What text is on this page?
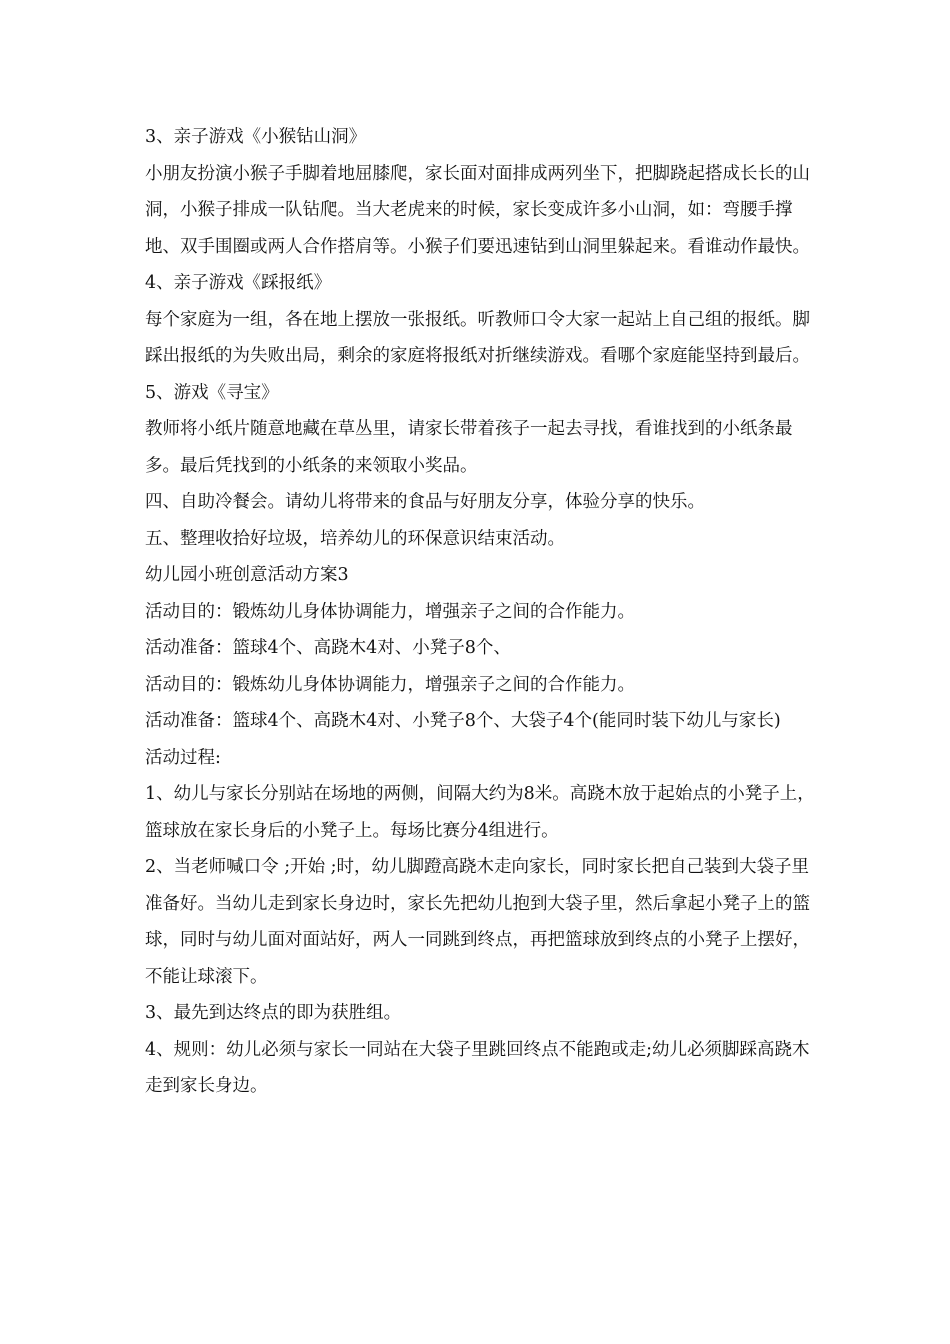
3、亲子游戏《小猴钻山洞》

小朋友扮演小猴子手脚着地屈膝爬，家长面对面排成两列坐下，把脚跷起搭成长长的山洞，小猴子排成一队钻爬。当大老虎来的时候，家长变成许多小山洞，如：弯腰手撑地、双手围圈或两人合作搭肩等。小猴子们要迅速钻到山洞里躲起来。看谁动作最快。

4、亲子游戏《踩报纸》

每个家庭为一组，各在地上摆放一张报纸。听教师口令大家一起站上自己组的报纸。脚踩出报纸的为失败出局，剩余的家庭将报纸对折继续游戏。看哪个家庭能坚持到最后。

5、游戏《寻宝》

教师将小纸片随意地藏在草丛里，请家长带着孩子一起去寻找，看谁找到的小纸条最多。最后凭找到的小纸条的来领取小奖品。

四、自助冷餐会。请幼儿将带来的食品与好朋友分享，体验分享的快乐。

五、整理收拾好垃圾，培养幼儿的环保意识结束活动。

幼儿园小班创意活动方案3

活动目的：锻炼幼儿身体协调能力，增强亲子之间的合作能力。

活动准备：篮球4个、高跷木4对、小凳子8个、

活动目的：锻炼幼儿身体协调能力，增强亲子之间的合作能力。

活动准备：篮球4个、高跷木4对、小凳子8个、大袋子4个(能同时装下幼儿与家长)

活动过程:

1、幼儿与家长分别站在场地的两侧，间隔大约为8米。高跷木放于起始点的小凳子上，篮球放在家长身后的小凳子上。每场比赛分4组进行。

2、当老师喊口令 ;开始 ;时，幼儿脚蹬高跷木走向家长，同时家长把自己装到大袋子里准备好。当幼儿走到家长身边时，家长先把幼儿抱到大袋子里，然后拿起小凳子上的篮球，同时与幼儿面对面站好，两人一同跳到终点，再把篮球放到终点的小凳子上摆好，不能让球滚下。

3、最先到达终点的即为获胜组。

4、规则：幼儿必须与家长一同站在大袋子里跳回终点不能跑或走;幼儿必须脚踩高跷木走到家长身边。
